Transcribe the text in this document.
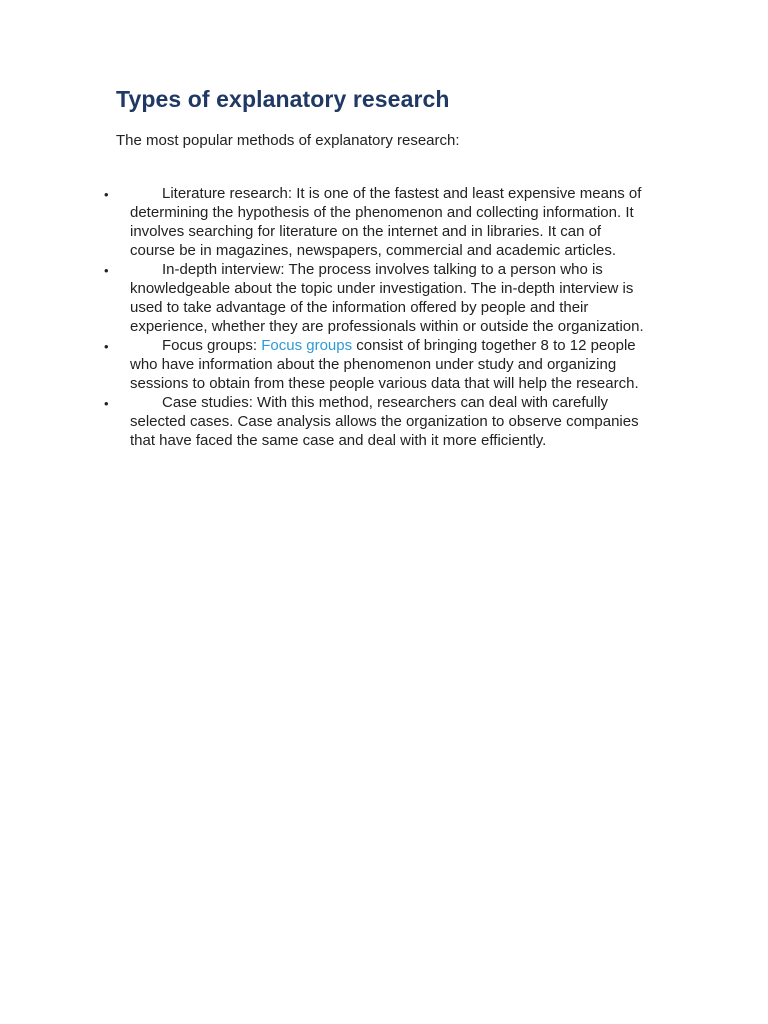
Types of explanatory research

The most popular methods of explanatory research:

•	Literature research: It is one of the fastest and least expensive means of determining the hypothesis of the phenomenon and collecting information. It involves searching for literature on the internet and in libraries. It can of course be in magazines, newspapers, commercial and academic articles.
•	In-depth interview: The process involves talking to a person who is knowledgeable about the topic under investigation. The in-depth interview is used to take advantage of the information offered by people and their experience, whether they are professionals within or outside the organization.
•	Focus groups: Focus groups consist of bringing together 8 to 12 people who have information about the phenomenon under study and organizing sessions to obtain from these people various data that will help the research.
•	Case studies: With this method, researchers can deal with carefully selected cases. Case analysis allows the organization to observe companies that have faced the same case and deal with it more efficiently.
